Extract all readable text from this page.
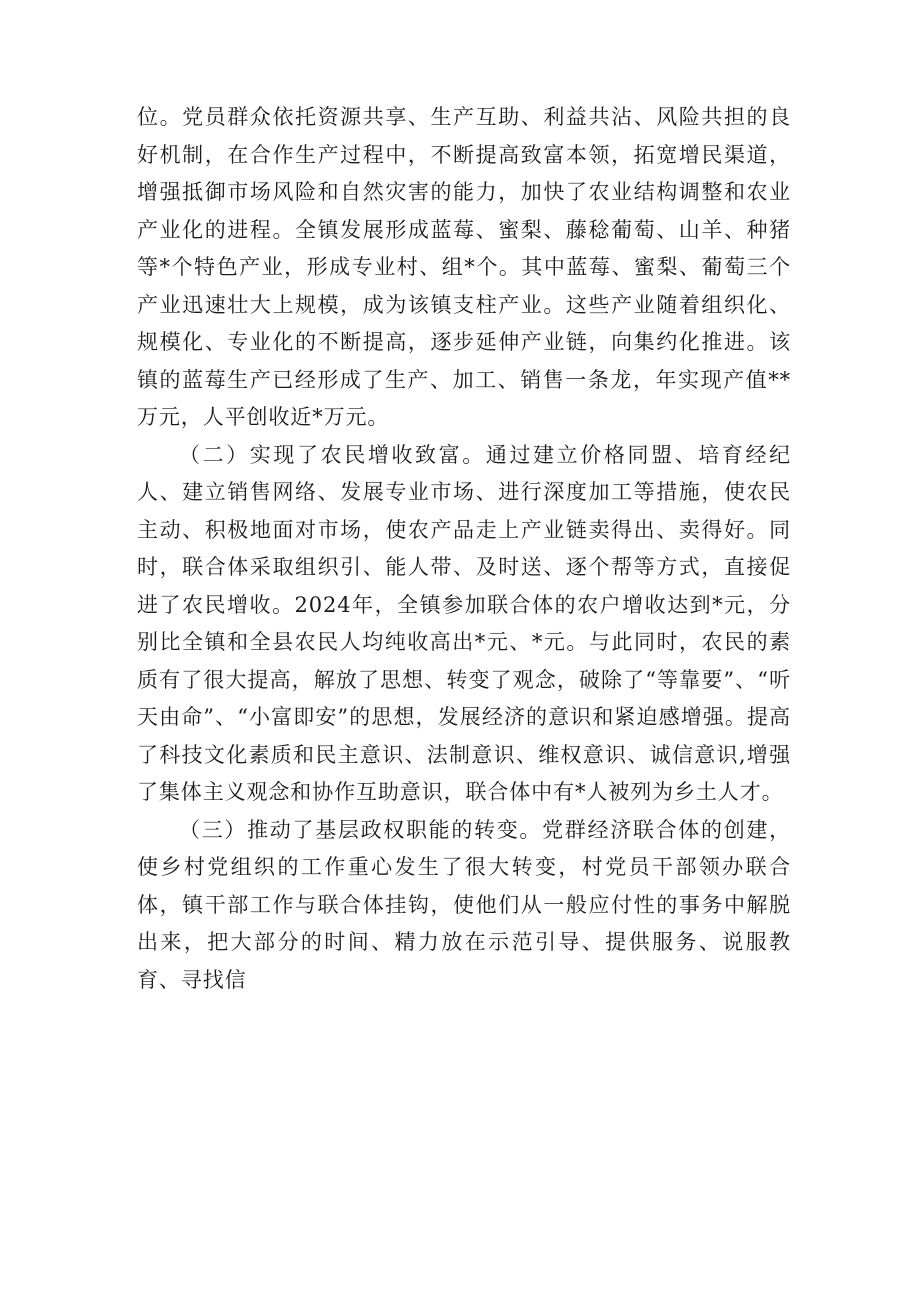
位。党员群众依托资源共享、生产互助、利益共沾、风险共担的良好机制，在合作生产过程中，不断提高致富本领，拓宽增民渠道，增强抵御市场风险和自然灾害的能力，加快了农业结构调整和农业产业化的进程。全镇发展形成蓝莓、蜜梨、藤稔葡萄、山羊、种猪等*个特色产业，形成专业村、组*个。其中蓝莓、蜜梨、葡萄三个产业迅速壮大上规模，成为该镇支柱产业。这些产业随着组织化、规模化、专业化的不断提高，逐步延伸产业链，向集约化推进。该镇的蓝莓生产已经形成了生产、加工、销售一条龙，年实现产值**万元，人平创收近*万元。

（二）实现了农民增收致富。通过建立价格同盟、培育经纪人、建立销售网络、发展专业市场、进行深度加工等措施，使农民主动、积极地面对市场，使农产品走上产业链卖得出、卖得好。同时，联合体采取组织引、能人带、及时送、逐个帮等方式，直接促进了农民增收。2024年，全镇参加联合体的农户增收达到*元，分别比全镇和全县农民人均纯收高出*元、*元。与此同时，农民的素质有了很大提高，解放了思想、转变了观念，破除了“等靠要”、“听天由命”、“小富即安”的思想，发展经济的意识和紧迫感增强。提高了科技文化素质和民主意识、法制意识、维权意识、诚信意识,增强了集体主义观念和协作互助意识，联合体中有*人被列为乡土人才。

（三）推动了基层政权职能的转变。党群经济联合体的创建，使乡村党组织的工作重心发生了很大转变，村党员干部领办联合体，镇干部工作与联合体挂钩，使他们从一般应付性的事务中解脱出来，把大部分的时间、精力放在示范引导、提供服务、说服教育、寻找信
